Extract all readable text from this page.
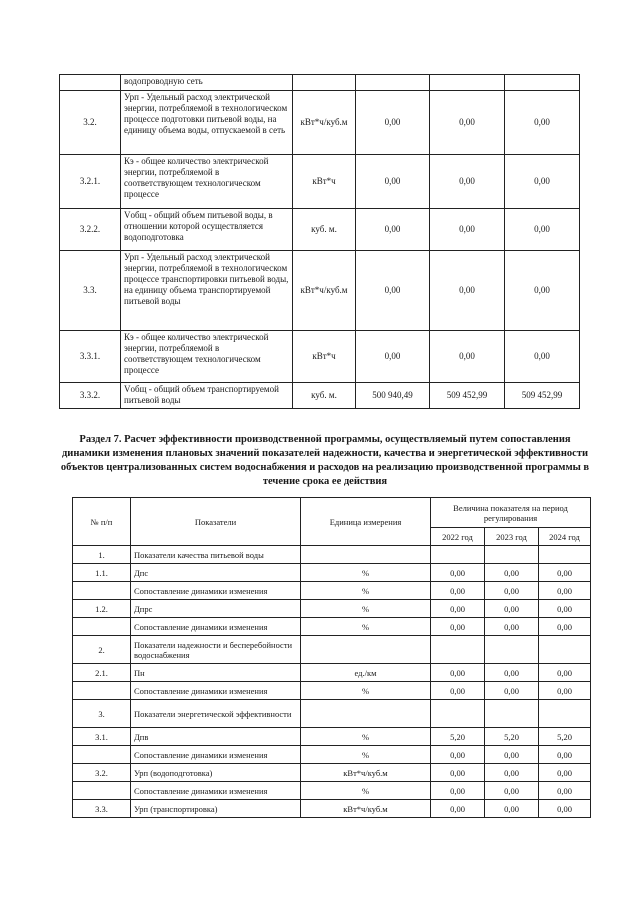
	водопроводную сеть				
3.2.	Урп - Удельный расход электрической энергии, потребляемой в технологическом процессе подготовки питьевой воды, на единицу объема воды, отпускаемой в сеть	кВт*ч/куб.м	0,00	0,00	0,00
3.2.1.	Кэ - общее количество электрической энергии, потребляемой в соответствующем технологическом процессе	кВт*ч	0,00	0,00	0,00
3.2.2.	Vобщ - общий объем питьевой воды, в отношении которой осуществляется водоподготовка	куб. м.	0,00	0,00	0,00
3.3.	Урп - Удельный расход электрической энергии, потребляемой в технологическом процессе транспортировки питьевой воды, на единицу объема транспортируемой питьевой воды	кВт*ч/куб.м	0,00	0,00	0,00
3.3.1.	Кэ - общее количество электрической энергии, потребляемой в соответствующем технологическом процессе	кВт*ч	0,00	0,00	0,00
3.3.2.	Vобщ - общий объем транспортируемой питьевой воды	куб. м.	500 940,49	509 452,99	509 452,99
Раздел 7. Расчет эффективности производственной программы, осуществляемый путем сопоставления динамики изменения плановых значений показателей надежности, качества и энергетической эффективности объектов централизованных систем водоснабжения и расходов на реализацию производственной программы в течение срока ее действия
№ п/п	Показатели	Единица измерения	Величина показателя на период регулирования		
			2022 год	2023 год	2024 год
1.	Показатели качества питьевой воды				
1.1.	Дпс	%	0,00	0,00	0,00
	Сопоставление динамики изменения	%	0,00	0,00	0,00
1.2.	Дпрс	%	0,00	0,00	0,00
	Сопоставление динамики изменения	%	0,00	0,00	0,00
2.	Показатели надежности и бесперебойности водоснабжения				
2.1.	Пн	ед./км	0,00	0,00	0,00
	Сопоставление динамики изменения	%	0,00	0,00	0,00
3.	Показатели энергетической эффективности				
3.1.	Дпв	%	5,20	5,20	5,20
	Сопоставление динамики изменения	%	0,00	0,00	0,00
3.2.	Урп (водоподготовка)	кВт*ч/куб.м	0,00	0,00	0,00
	Сопоставление динамики изменения	%	0,00	0,00	0,00
3.3.	Урп (транспортировка)	кВт*ч/куб.м	0,00	0,00	0,00
